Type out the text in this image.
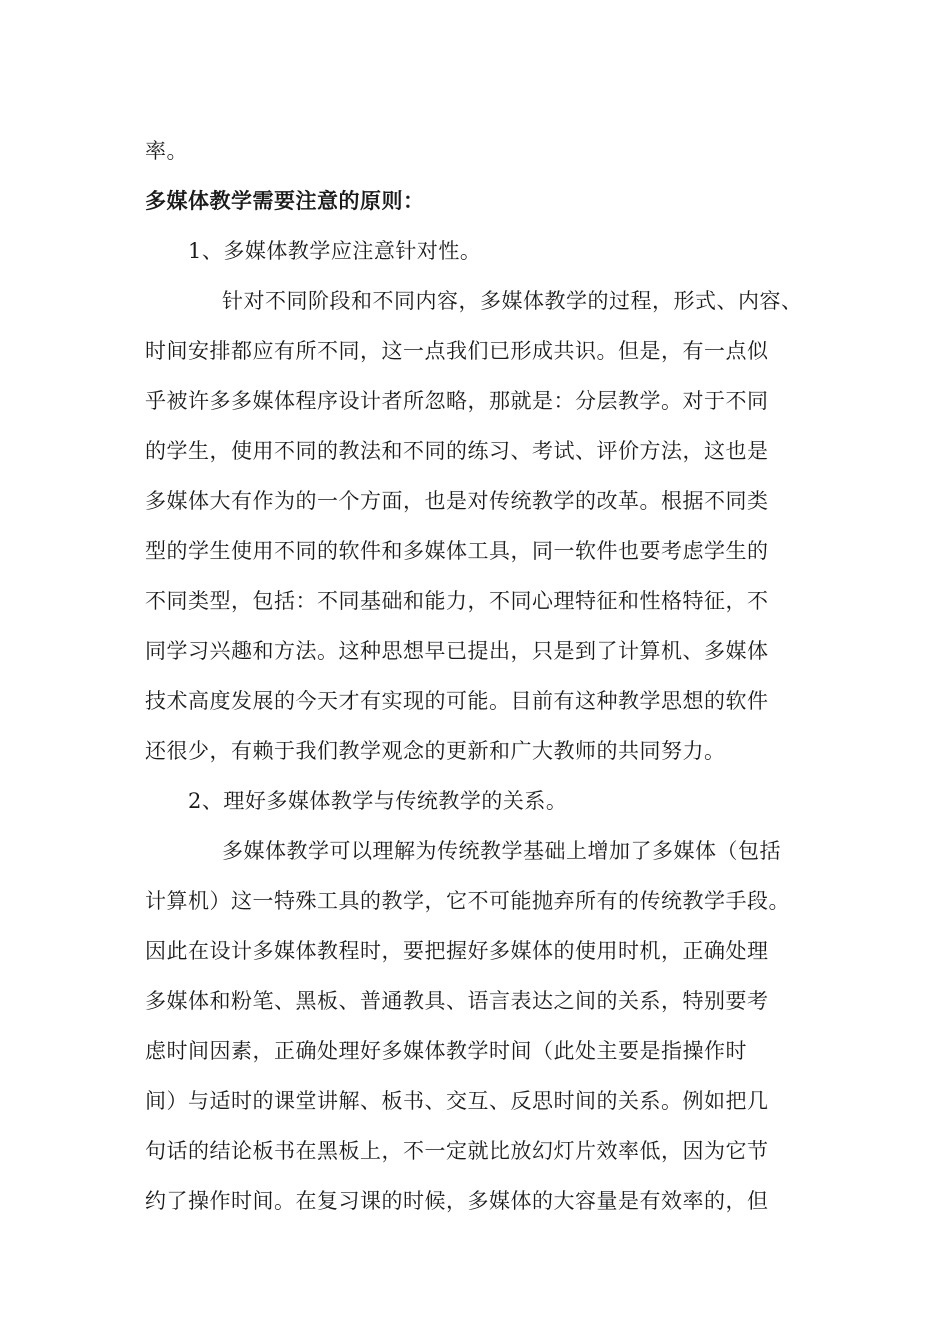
率。
多媒体教学需要注意的原则：
1、多媒体教学应注意针对性。
针对不同阶段和不同内容，多媒体教学的过程，形式、内容、
时间安排都应有所不同，这一点我们已形成共识。但是，有一点似
乎被许多多媒体程序设计者所忽略，那就是：分层教学。对于不同
的学生，使用不同的教法和不同的练习、考试、评价方法，这也是
多媒体大有作为的一个方面，也是对传统教学的改革。根据不同类
型的学生使用不同的软件和多媒体工具，同一软件也要考虑学生的
不同类型，包括：不同基础和能力，不同心理特征和性格特征，不
同学习兴趣和方法。这种思想早已提出，只是到了计算机、多媒体
技术高度发展的今天才有实现的可能。目前有这种教学思想的软件
还很少，有赖于我们教学观念的更新和广大教师的共同努力。
2、理好多媒体教学与传统教学的关系。
多媒体教学可以理解为传统教学基础上增加了多媒体（包括
计算机）这一特殊工具的教学，它不可能抛弃所有的传统教学手段。
因此在设计多媒体教程时，要把握好多媒体的使用时机，正确处理
多媒体和粉笔、黑板、普通教具、语言表达之间的关系，特别要考
虑时间因素，正确处理好多媒体教学时间（此处主要是指操作时
间）与适时的课堂讲解、板书、交互、反思时间的关系。例如把几
句话的结论板书在黑板上，不一定就比放幻灯片效率低，因为它节
约了操作时间。在复习课的时候，多媒体的大容量是有效率的，但
